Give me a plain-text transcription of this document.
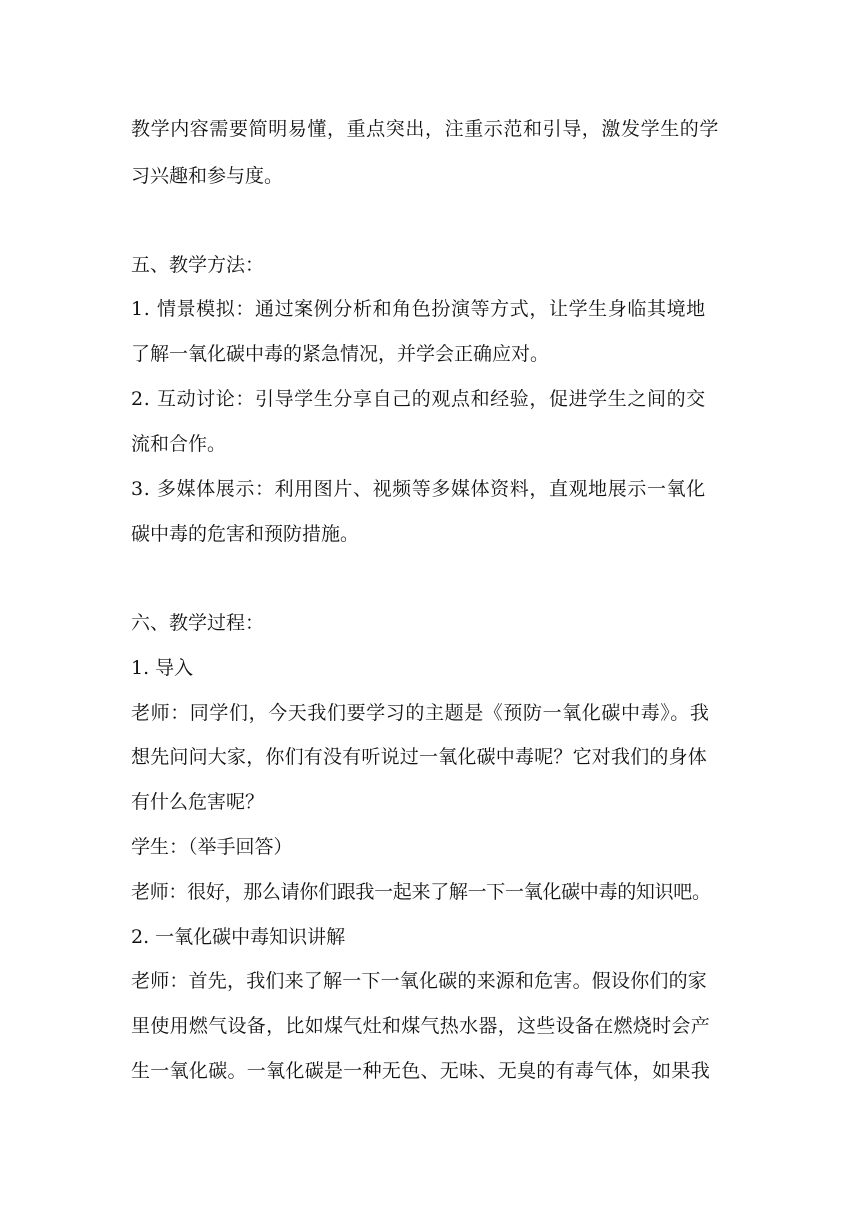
教学内容需要简明易懂，重点突出，注重示范和引导，激发学生的学
习兴趣和参与度。
五、教学方法：
1. 情景模拟：通过案例分析和角色扮演等方式，让学生身临其境地
了解一氧化碳中毒的紧急情况，并学会正确应对。
2. 互动讨论：引导学生分享自己的观点和经验，促进学生之间的交
流和合作。
3. 多媒体展示：利用图片、视频等多媒体资料，直观地展示一氧化
碳中毒的危害和预防措施。
六、教学过程：
1. 导入
老师：同学们，今天我们要学习的主题是《预防一氧化碳中毒》。我
想先问问大家，你们有没有听说过一氧化碳中毒呢？它对我们的身体
有什么危害呢？
学生：（举手回答）
老师：很好，那么请你们跟我一起来了解一下一氧化碳中毒的知识吧。
2. 一氧化碳中毒知识讲解
老师：首先，我们来了解一下一氧化碳的来源和危害。假设你们的家
里使用燃气设备，比如煤气灶和煤气热水器，这些设备在燃烧时会产
生一氧化碳。一氧化碳是一种无色、无味、无臭的有毒气体，如果我
